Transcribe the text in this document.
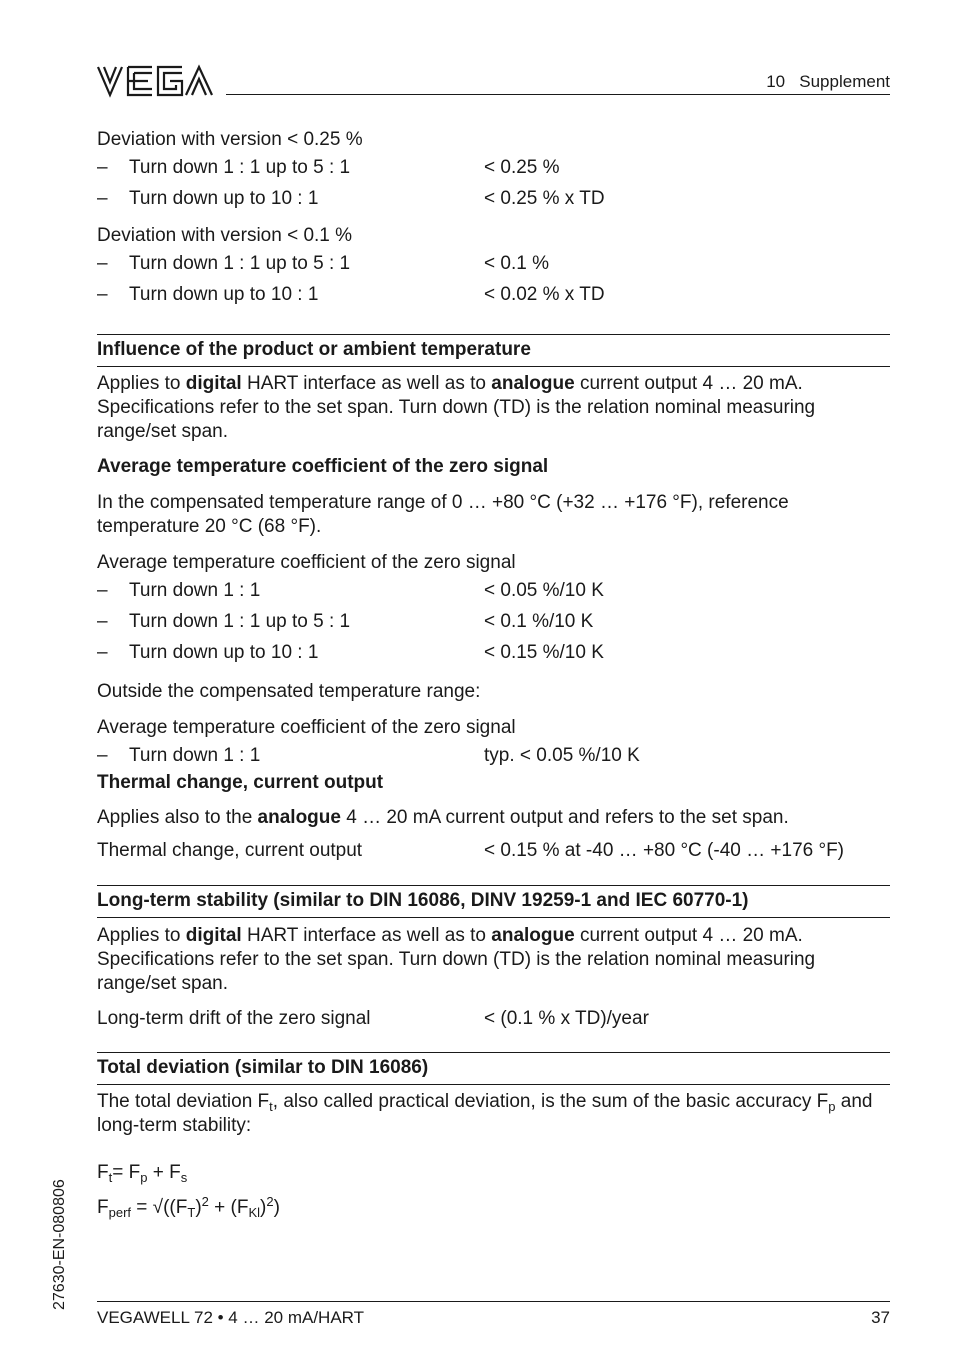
10   Supplement

Deviation with version < 0.25 %

– Turn down 1 : 1 up to 5 : 1	< 0.25 %
– Turn down up to 10 : 1	< 0.25 % x TD

Deviation with version < 0.1 %

– Turn down 1 : 1 up to 5 : 1	< 0.1 %
– Turn down up to 10 : 1	< 0.02 % x TD
Influence of the product or ambient temperature

Applies to digital HART interface as well as to analogue current output 4 … 20 mA. Specifications refer to the set span. Turn down (TD) is the relation nominal measuring range/set span.

Average temperature coefficient of the zero signal

In the compensated temperature range of 0 … +80 °C (+32 … +176 °F), reference temperature 20 °C (68 °F).

Average temperature coefficient of the zero signal

– Turn down 1 : 1	< 0.05 %/10 K
– Turn down 1 : 1 up to 5 : 1	< 0.1 %/10 K
– Turn down up to 10 : 1	< 0.15 %/10 K

Outside the compensated temperature range:

Average temperature coefficient of the zero signal

– Turn down 1 : 1	typ. < 0.05 %/10 K

Thermal change, current output

Applies also to the analogue 4 … 20 mA current output and refers to the set span.

Thermal change, current output	< 0.15 % at -40 … +80 °C (-40 … +176 °F)
Long-term stability (similar to DIN 16086, DINV 19259-1 and IEC 60770-1)

Applies to digital HART interface as well as to analogue current output 4 … 20 mA. Specifications refer to the set span. Turn down (TD) is the relation nominal measuring range/set span.

Long-term drift of the zero signal	< (0.1 % x TD)/year
Total deviation (similar to DIN 16086)

The total deviation $F_t$, also called practical deviation, is the sum of the basic accuracy $F_p$ and long-term stability:

$F_t= F_p + F_s$

$F_{perf} = √((F_T)^2 + (F_{Kl})^2)$

27630-EN-080806
VEGAWELL 72 • 4 … 20 mA/HART	37
